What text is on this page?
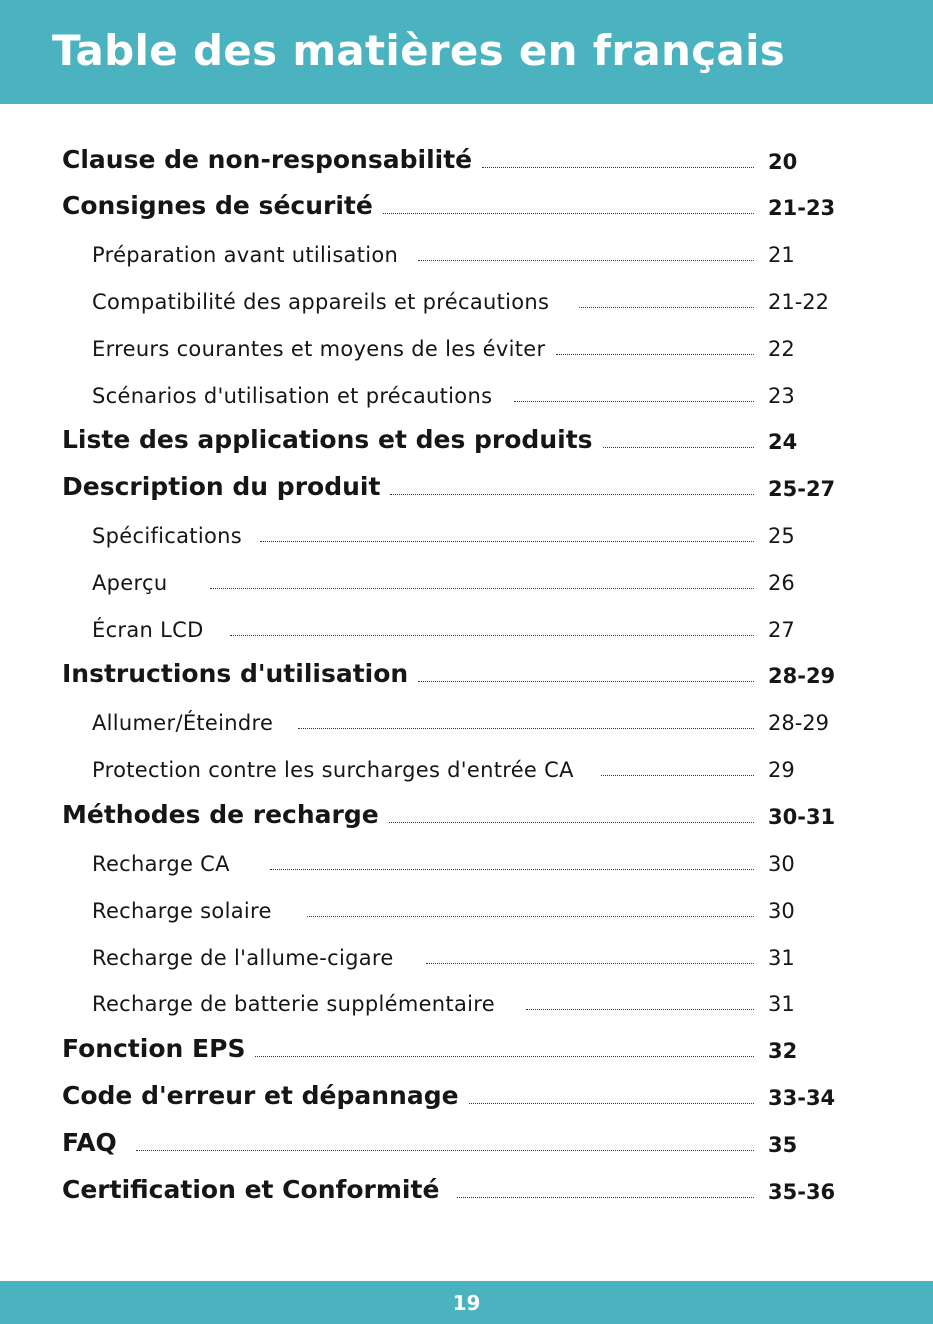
Table des matières en français
Clause de non-responsabilité	20
Consignes de sécurité	21-23
Préparation avant utilisation	21
Compatibilité des appareils et précautions	21-22
Erreurs courantes et moyens de les éviter	22
Scénarios d'utilisation et précautions	23
Liste des applications et des produits	24
Description du produit	25-27
Spécifications	25
Aperçu	26
Écran LCD	27
Instructions d'utilisation	28-29
Allumer/Éteindre	28-29
Protection contre les surcharges d'entrée CA	29
Méthodes de recharge	30-31
Recharge CA	30
Recharge solaire	30
Recharge de l'allume-cigare	31
Recharge de batterie supplémentaire	31
Fonction EPS	32
Code d'erreur et dépannage	33-34
FAQ	35
Certification et Conformité	35-36
19
